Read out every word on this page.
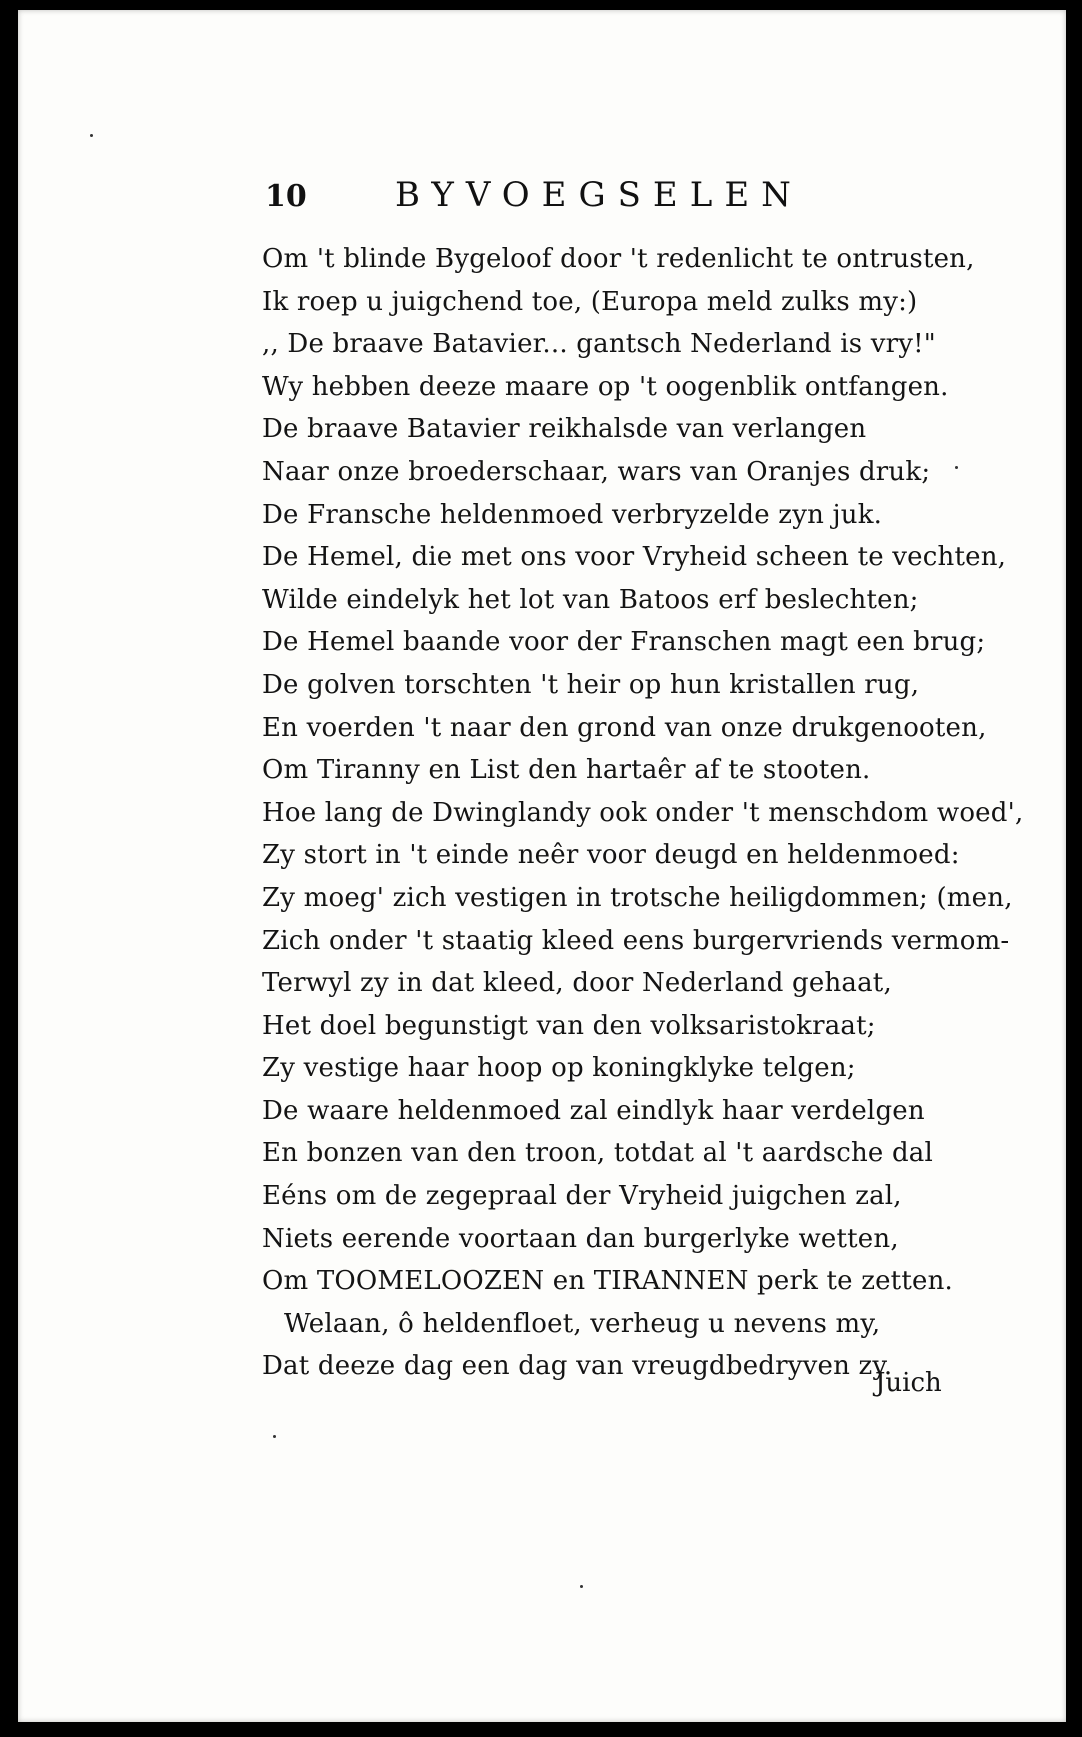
10	BYVOEGSELEN
Om 't blinde Bygeloof door 't redenlicht te ontrusten,
Ik roep u juigchend toe, (Europa meld zulks my:)
,, De braave Batavier... gantsch Nederland is vry!"
Wy hebben deeze maare op 't oogenblik ontfangen.
De braave Batavier reikhalsde van verlangen
Naar onze broederschaar, wars van Oranjes druk;
De Fransche heldenmoed verbryzelde zyn juk.
De Hemel, die met ons voor Vryheid scheen te vechten,
Wilde eindelyk het lot van Batoos erf beslechten;
De Hemel baande voor der Franschen magt een brug;
De golven torschten 't heir op hun kristallen rug,
En voerden 't naar den grond van onze drukgenooten,
Om Tiranny en List den hartaêr af te stooten.
Hoe lang de Dwinglandy ook onder 't menschdom woed',
Zy stort in 't einde neêr voor deugd en heldenmoed:
Zy moeg' zich vestigen in trotsche heiligdommen; (men,
Zich onder 't staatig kleed eens burgervriends vermom-
Terwyl zy in dat kleed, door Nederland gehaat,
Het doel begunstigt van den volksaristokraat;
Zy vestige haar hoop op koningklyke telgen;
De waare heldenmoed zal eindlyk haar verdelgen
En bonzen van den troon, totdat al 't aardsche dal
Eéns om de zegepraal der Vryheid juigchen zal,
Niets eerende voortaan dan burgerlyke wetten,
Om TOOMELOOZEN en TIRANNEN perk te zetten.
Welaan, ô heldenfloet, verheug u nevens my,
Dat deeze dag een dag van vreugdbedryven zy.
Juich
